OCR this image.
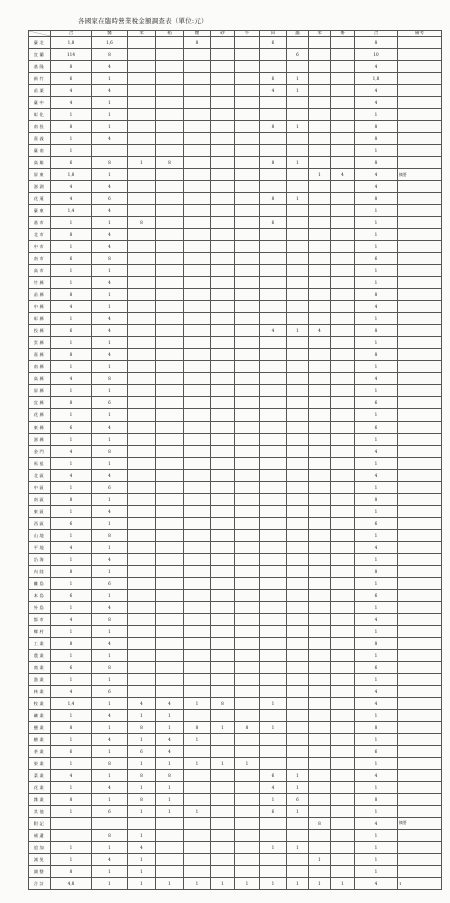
各國家在臨時營業稅金額調查表（單位:元）
	合	醫	米	稻	煙	砂	牛	田	蟲	米	麥	合	備考
臺北	1,8	1,6			8			6				8	
宜蘭	114	8							6			10	
基隆	8	4										4	
新竹	6	1						6	1			1,8	
苗栗	4	4						4	1			4	
臺中	4	1										4	
彰化	1	1										1	
南投	8	1						8	1			8	
嘉義	1	4										8	
臺南	1											1	
高雄	6	8	1	8				8	1			8	
屏東	1,8	1								1	4	4	摘要
澎湖	4	4										4	
花蓮	4	6						8	1			8	
臺東	1,4	4										1	
基市	1	1	8					6				1	
北市	8	4										1	
中市	1	4										1	
南市	6	8										6	
高市	1	1										1	
竹縣	1	4										1	
苗縣	8	1										8	
中縣	4	1										4	
彰縣	1	4										1	
投縣	6	4						4	1	4		8	
雲縣	1	1										1	
嘉縣	8	4										8	
南縣	1	1										1	
高縣	4	8										4	
屏縣	1	1										1	
宜縣	8	6										6	
花縣	1	1										1	
東縣	6	4										6	
澎縣	1	1										1	
金門	4	8										4	
馬祖	1	1										1	
北區	4	4										4	
中區	1	6										1	
南區	8	1										8	
東區	1	4										1	
西區	6	1										6	
山地	1	8										1	
平地	4	1										4	
沿海	1	4										1	
內陸	8	1										8	
離島	1	6										1	
本島	6	1										6	
外島	1	4										1	
都市	4	8										4	
鄉村	1	1										1	
工業	8	4										8	
農業	1	1										1	
商業	6	8										6	
漁業	1	1										1	
林業	4	6										4	
牧業	1,4	1	4	4	1	8		1				4	
礦業	1	4	1	1								1	
鹽業	8	1	8	1	8	1	8	1				8	
糖業	1	4	1	4	1							1	
茶業	6	1	6	4								6	
果業	1	8	1	1	1	1	1					1	
菜業	4	1	8	8				6	1			4	
花業	1	4	1	1				4	1			1	
雜業	8	1	8	1				1	6			8	
其他	1	6	1	1	1			6	1			1	
附記										8		4	摘要
補遺		8	1									1	
追加	1	1	4					1	1			1	
減免	1	4	1							1		1	
調整	8	1	1									1	
合計	4,8	1	1	1	1	1	1	1	1	1	1	4	1
